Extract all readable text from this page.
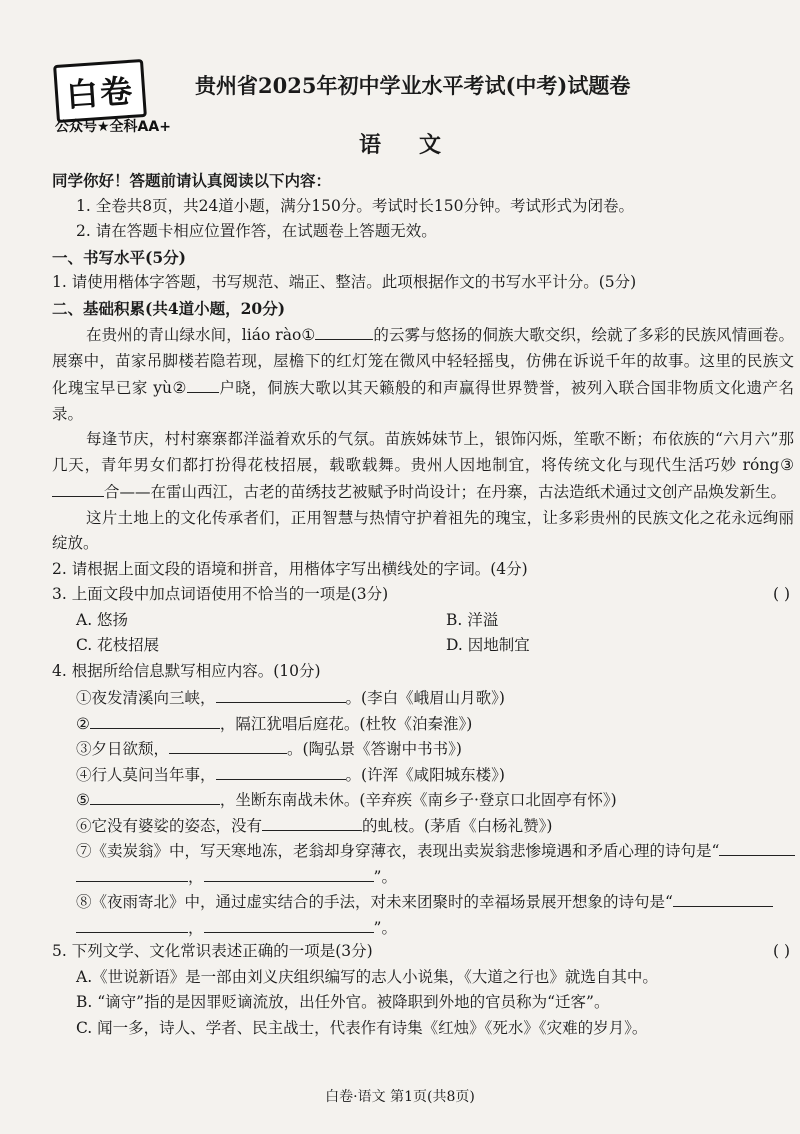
白卷
公众号★全科AA+
贵州省2025年初中学业水平考试(中考)试题卷
语文
同学你好！答题前请认真阅读以下内容：
1. 全卷共8页，共24道小题，满分150分。考试时长150分钟。考试形式为闭卷。
2. 请在答题卡相应位置作答，在试题卷上答题无效。
一、书写水平(5分)
1. 请使用楷体字答题，书写规范、端正、整洁。此项根据作文的书写水平计分。(5分)
二、基础积累(共4道小题，20分)
在贵州的青山绿水间，liáo rào①	的云雾与悠扬的侗族大歌交织，绘就了多彩的民族风情画卷。展寨中，苗家吊脚楼若隐若现，屋檐下的红灯笼在微风中轻轻摇曳，仿佛在诉说千年的故事。这里的民族文化瑰宝早已家 yù② 户晓，侗族大歌以其天籁般的和声赢得世界赞誉，被列入联合国非物质文化遗产名录。
每逢节庆，村村寨寨都洋溢着欢乐的气氛。苗族姊妹节上，银饰闪烁，笙歌不断；布依族的“六月六”那几天，青年男女们都打扮得花枝招展，载歌载舞。贵州人因地制宜，将传统文化与现代生活巧妙 róng③合——在雷山西江，古老的苗绣技艺被赋予时尚设计；在丹寨，古法造纸术通过文创产品焕发新生。
这片土地上的文化传承者们，正用智慧与热情守护着祖先的瑰宝，让多彩贵州的民族文化之花永远绚丽绽放。
2. 请根据上面文段的语境和拼音，用楷体字写出横线处的字词。(4分)
3. 上面文段中加点词语使用不恰当的一项是(3分)	( )
A. 悠扬	B. 洋溢
C. 花枝招展	D. 因地制宜
4. 根据所给信息默写相应内容。(10分)
①夜发清溪向三峡，	。(李白《峨眉山月歌》)
②	，隔江犹唱后庭花。(杜牧《泊秦淮》)
③夕日欲颓，	。(陶弘景《答谢中书书》)
④行人莫问当年事，	。(许浑《咸阳城东楼》)
⑤	，坐断东南战未休。(辛弃疾《南乡子·登京口北固亭有怀》)
⑥它没有婆娑的姿态，没有	的虬枝。(茅盾《白杨礼赞》)
⑦《卖炭翁》中，写天寒地冻，老翁却身穿薄衣，表现出卖炭翁悲惨境遇和矛盾心理的诗句是“
，	”。
⑧《夜雨寄北》中，通过虚实结合的手法，对未来团聚时的幸福场景展开想象的诗句是“
，	”。
5. 下列文学、文化常识表述正确的一项是(3分)	( )
A.《世说新语》是一部由刘义庆组织编写的志人小说集，《大道之行也》就选自其中。
B. “谪守”指的是因罪贬谪流放，出任外官。被降职到外地的官员称为“迁客”。
C. 闻一多，诗人、学者、民主战士，代表作有诗集《红烛》《死水》《灾难的岁月》。
白卷·语文 第1页(共8页)
